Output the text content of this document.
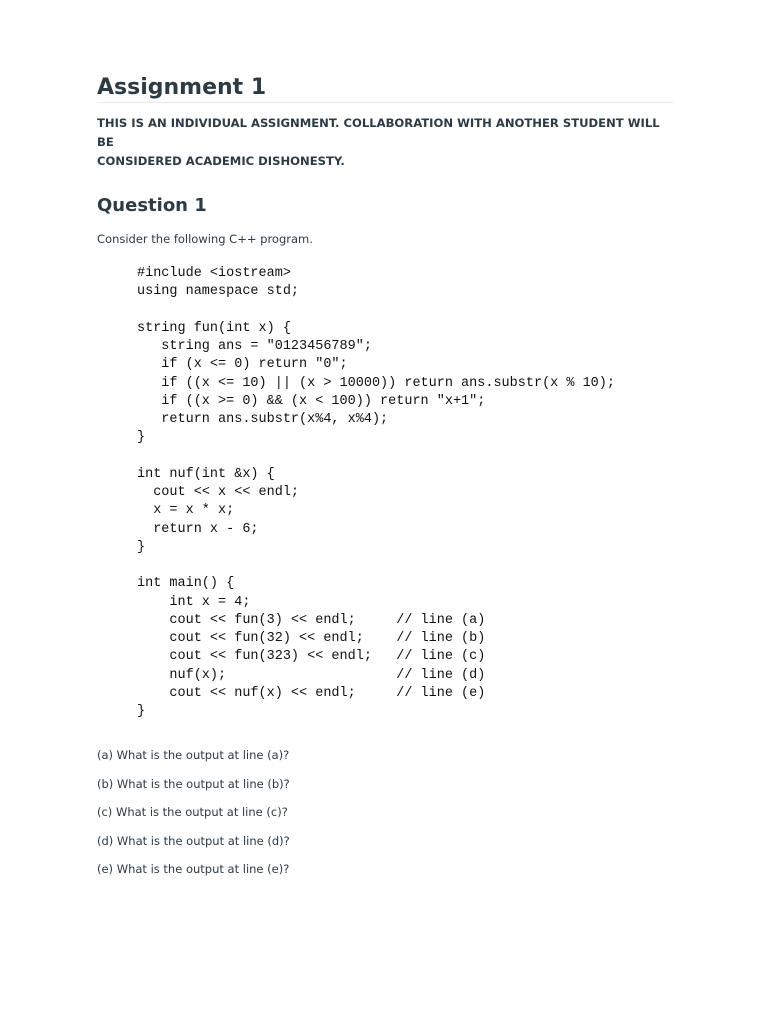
Assignment 1

THIS IS AN INDIVIDUAL ASSIGNMENT. COLLABORATION WITH ANOTHER STUDENT WILL BE
CONSIDERED ACADEMIC DISHONESTY.

Question 1

Consider the following C++ program.

#include <iostream>
using namespace std;
string fun(int x) {
string ans = "0123456789";
if (x <= 0) return "0";
if ((x <= 10) || (x > 10000)) return ans.substr(x % 10);
if ((x >= 0) && (x < 100)) return "x+1";
return ans.substr(x%4, x%4);
}
int nuf(int &x) {
cout << x << endl;
x = x * x;
return x - 6;
}
int main() {
int x = 4;
cout << fun(3) << endl;     // line (a)
cout << fun(32) << endl;    // line (b)
cout << fun(323) << endl;   // line (c)
nuf(x);                     // line (d)
cout << nuf(x) << endl;     // line (e)
}
(a) What is the output at line (a)?
(b) What is the output at line (b)?
(c) What is the output at line (c)?
(d) What is the output at line (d)?
(e) What is the output at line (e)?
